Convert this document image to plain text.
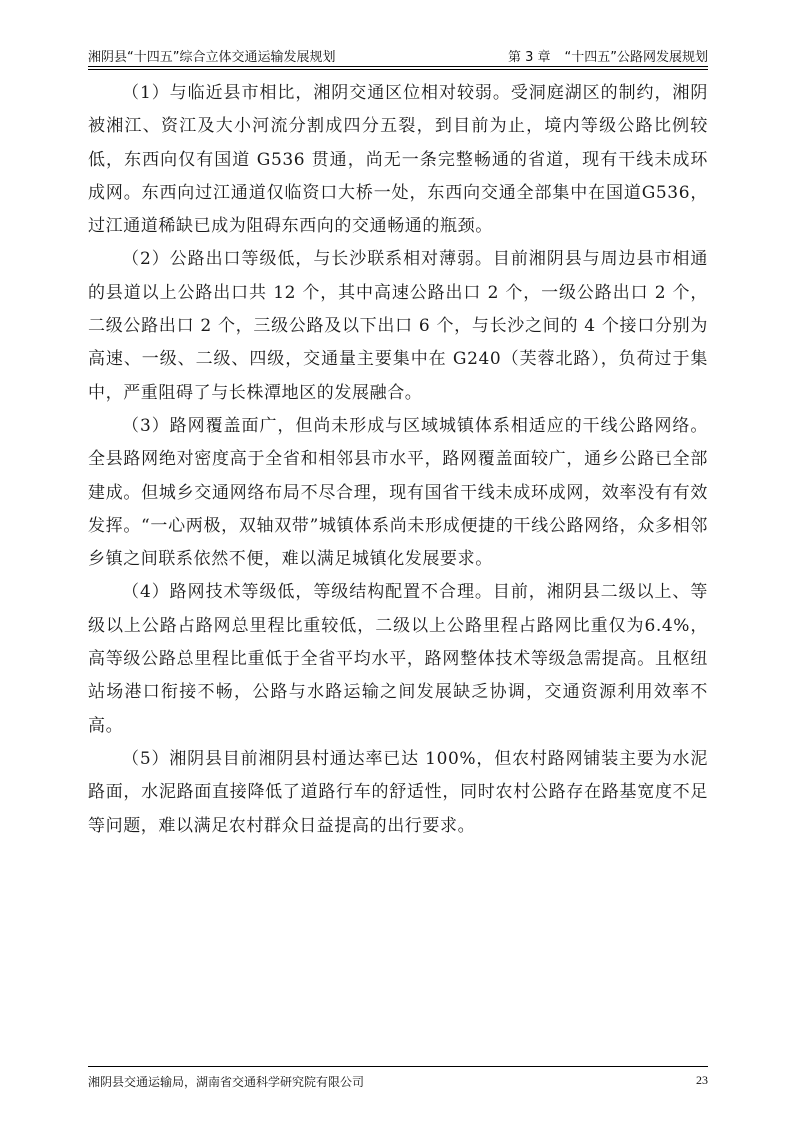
湘阴县“十四五”综合立体交通运输发展规划	第 3 章 “十四五”公路网发展规划

（1）与临近县市相比，湘阴交通区位相对较弱。受洞庭湖区的制约，湘阴被湘江、资江及大小河流分割成四分五裂，到目前为止，境内等级公路比例较低，东西向仅有国道 G536 贯通，尚无一条完整畅通的省道，现有干线未成环成网。东西向过江通道仅临资口大桥一处，东西向交通全部集中在国道G536，过江通道稀缺已成为阻碍东西向的交通畅通的瓶颈。

（2）公路出口等级低，与长沙联系相对薄弱。目前湘阴县与周边县市相通的县道以上公路出口共 12 个，其中高速公路出口 2 个，一级公路出口 2 个，二级公路出口 2 个，三级公路及以下出口 6 个，与长沙之间的 4 个接口分别为高速、一级、二级、四级，交通量主要集中在 G240（芙蓉北路），负荷过于集中，严重阻碍了与长株潭地区的发展融合。

（3）路网覆盖面广，但尚未形成与区域城镇体系相适应的干线公路网络。全县路网绝对密度高于全省和相邻县市水平，路网覆盖面较广，通乡公路已全部建成。但城乡交通网络布局不尽合理，现有国省干线未成环成网，效率没有有效发挥。“一心两极，双轴双带”城镇体系尚未形成便捷的干线公路网络，众多相邻乡镇之间联系依然不便，难以满足城镇化发展要求。

（4）路网技术等级低，等级结构配置不合理。目前，湘阴县二级以上、等级以上公路占路网总里程比重较低，二级以上公路里程占路网比重仅为6.4%，高等级公路总里程比重低于全省平均水平，路网整体技术等级急需提高。且枢纽站场港口衔接不畅，公路与水路运输之间发展缺乏协调，交通资源利用效率不高。

（5）湘阴县目前湘阴县村通达率已达 100%，但农村路网铺装主要为水泥路面，水泥路面直接降低了道路行车的舒适性，同时农村公路存在路基宽度不足等问题，难以满足农村群众日益提高的出行要求。

湘阴县交通运输局，湖南省交通科学研究院有限公司	23
